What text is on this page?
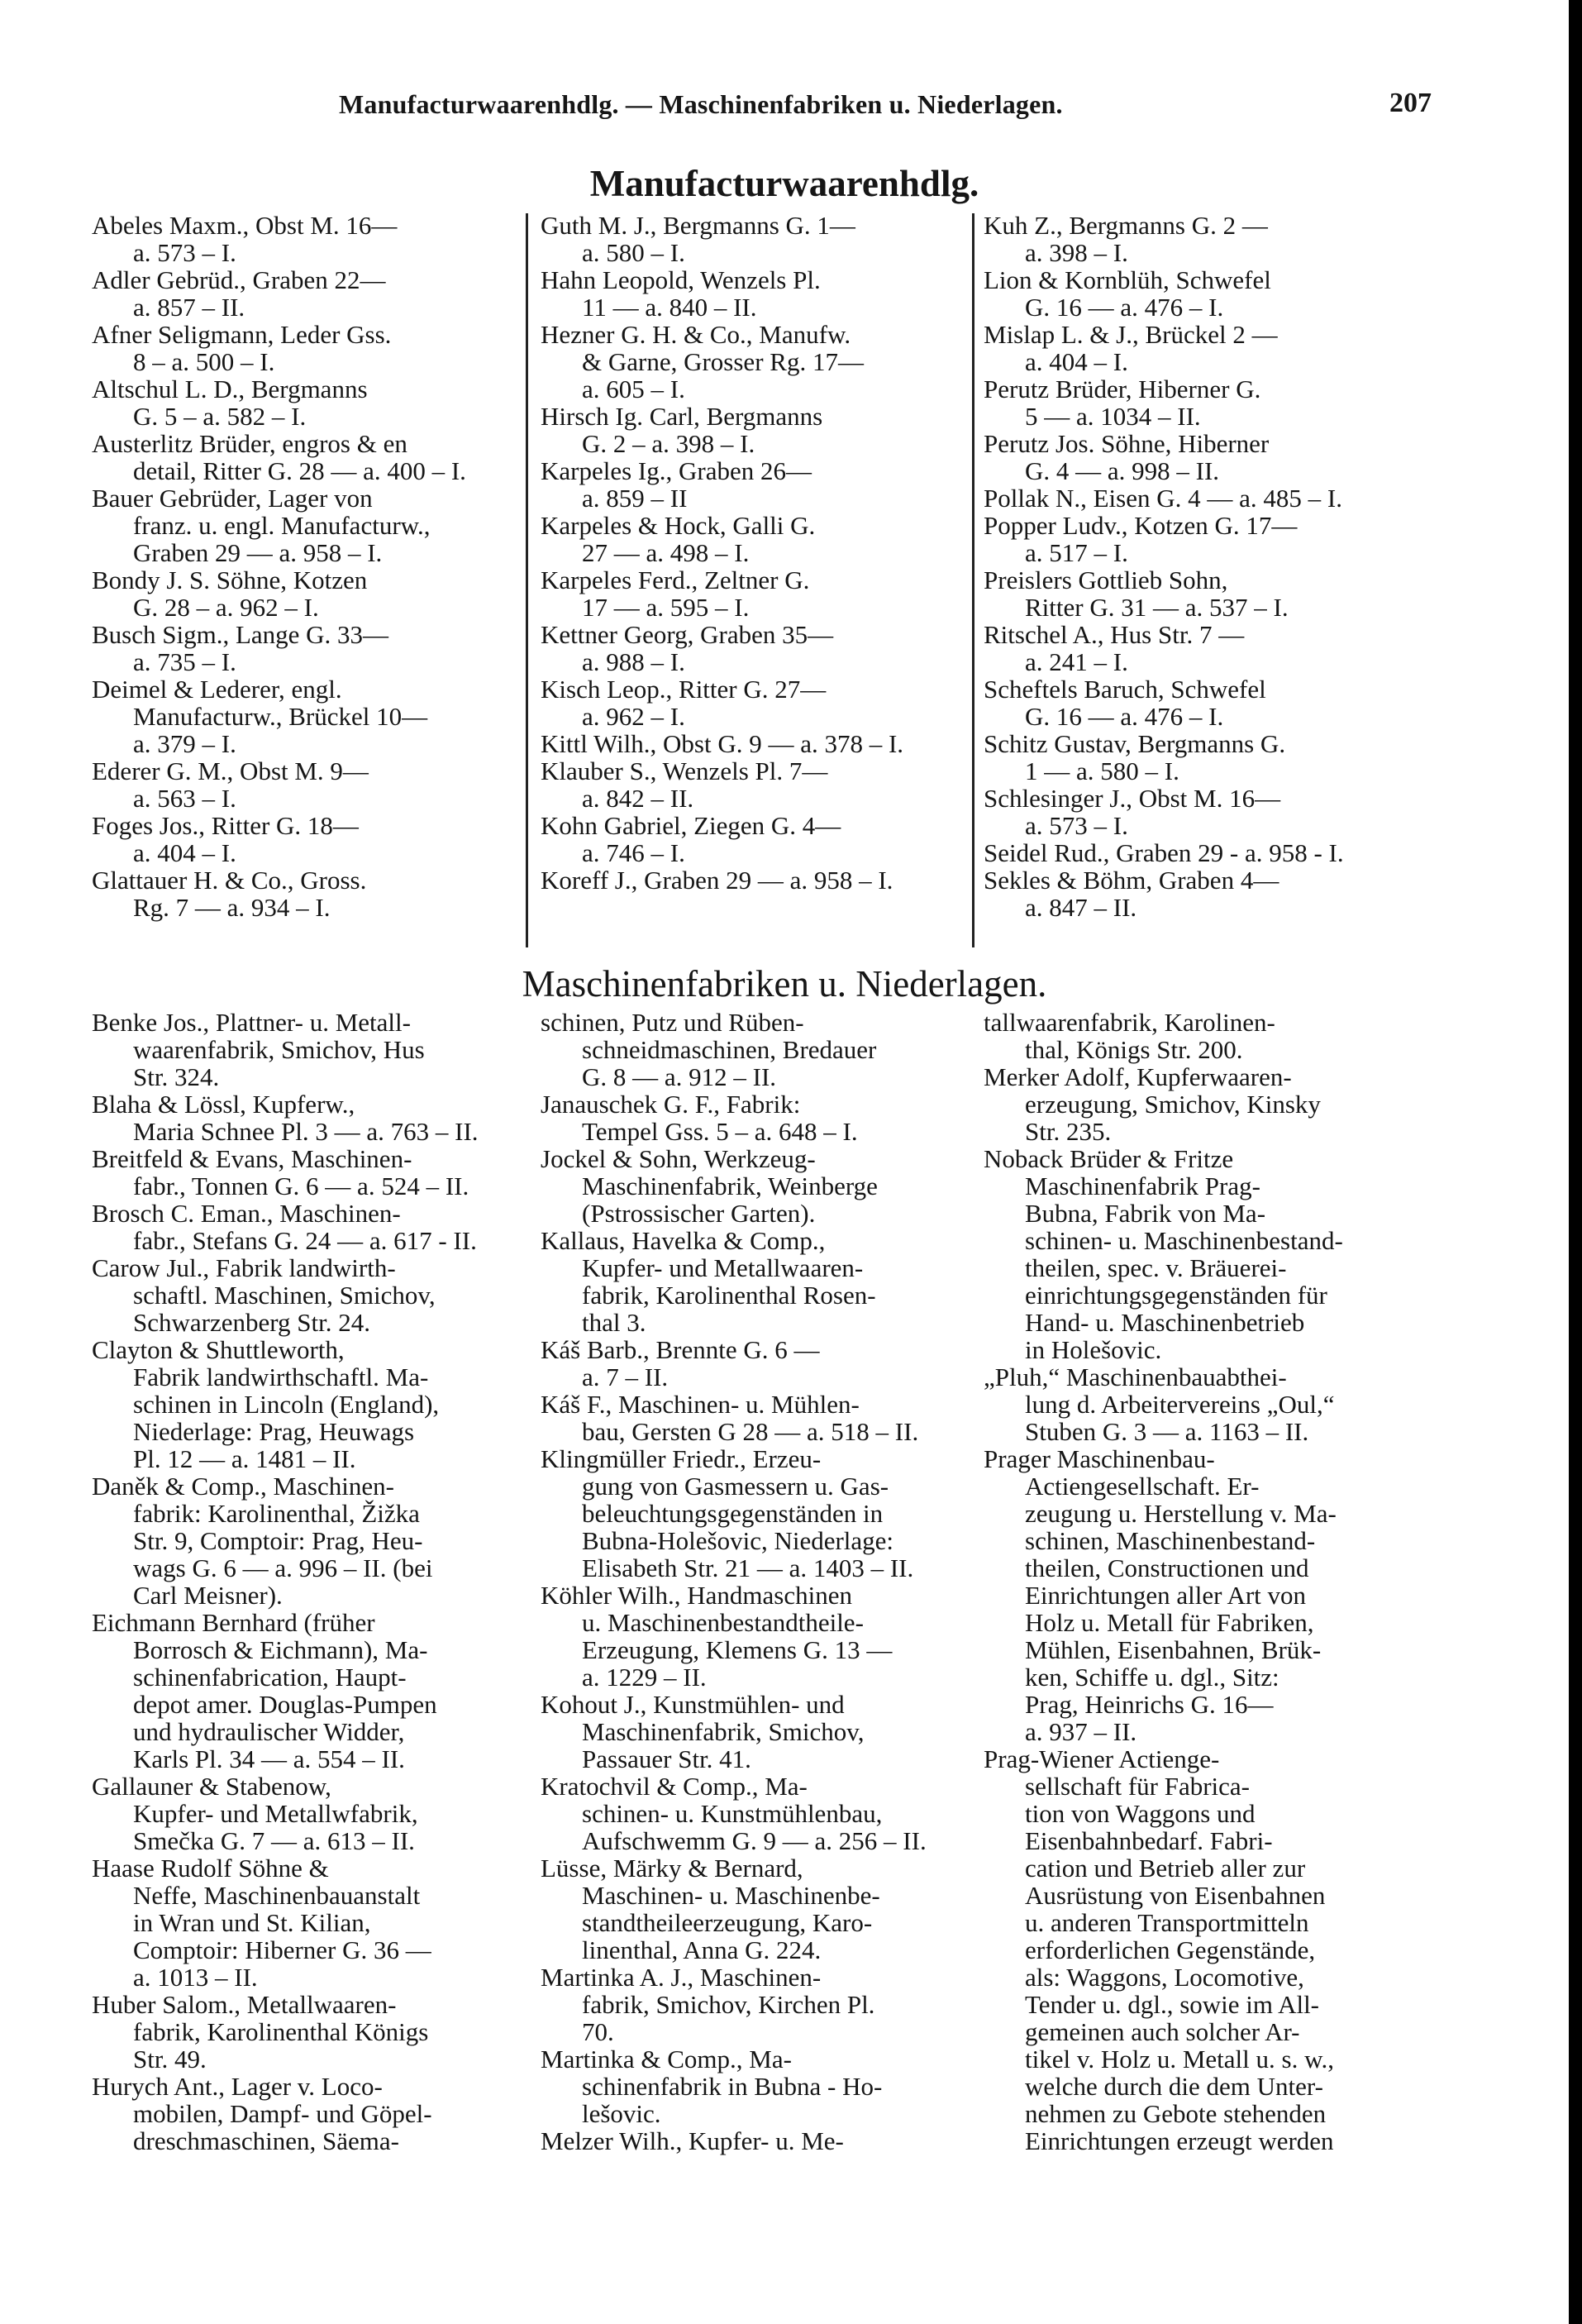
Manufacturwaarenhdlg. — Maschinenfabriken u. Niederlagen.	207
Manufacturwaarenhdlg.
Abeles Maxm., Obst M. 16—
a. 573 – I.
Adler Gebrüd., Graben 22—
a. 857 – II.
Afner Seligmann, Leder Gss.
8 – a. 500 – I.
Altschul L. D., Bergmanns
G. 5 – a. 582 – I.
Austerlitz Brüder, engros & en
detail, Ritter G. 28 — a. 400 – I.
Bauer Gebrüder, Lager von
franz. u. engl. Manufacturw.,
Graben 29 — a. 958 – I.
Bondy J. S. Söhne, Kotzen
G. 28 – a. 962 – I.
Busch Sigm., Lange G. 33—
a. 735 – I.
Deimel & Lederer, engl.
Manufacturw., Brückel 10—
a. 379 – I.
Ederer G. M., Obst M. 9—
a. 563 – I.
Foges Jos., Ritter G. 18—
a. 404 – I.
Glattauer H. & Co., Gross.
Rg. 7 — a. 934 – I.
Guth M. J., Bergmanns G. 1—
a. 580 – I.
Hahn Leopold, Wenzels Pl.
11 — a. 840 – II.
Hezner G. H. & Co., Manufw.
& Garne, Grosser Rg. 17—
a. 605 – I.
Hirsch Ig. Carl, Bergmanns
G. 2 – a. 398 – I.
Karpeles Ig., Graben 26—
a. 859 – II
Karpeles & Hock, Galli G.
27 — a. 498 – I.
Karpeles Ferd., Zeltner G.
17 — a. 595 – I.
Kettner Georg, Graben 35—
a. 988 – I.
Kisch Leop., Ritter G. 27—
a. 962 – I.
Kittl Wilh., Obst G. 9 — a. 378 – I.
Klauber S., Wenzels Pl. 7—
a. 842 – II.
Kohn Gabriel, Ziegen G. 4—
a. 746 – I.
Koreff J., Graben 29 — a. 958 – I.
Kuh Z., Bergmanns G. 2 —
a. 398 – I.
Lion & Kornblüh, Schwefel
G. 16 — a. 476 – I.
Mislap L. & J., Brückel 2 —
a. 404 – I.
Perutz Brüder, Hiberner G.
5 — a. 1034 – II.
Perutz Jos. Söhne, Hiberner
G. 4 — a. 998 – II.
Pollak N., Eisen G. 4 — a. 485 – I.
Popper Ludv., Kotzen G. 17—
a. 517 – I.
Preislers Gottlieb Sohn,
Ritter G. 31 — a. 537 – I.
Ritschel A., Hus Str. 7 —
a. 241 – I.
Scheftels Baruch, Schwefel
G. 16 — a. 476 – I.
Schitz Gustav, Bergmanns G.
1 — a. 580 – I.
Schlesinger J., Obst M. 16—
a. 573 – I.
Seidel Rud., Graben 29 - a. 958 - I.
Sekles & Böhm, Graben 4—
a. 847 – II.
Maschinenfabriken u. Niederlagen.
Benke Jos., Plattner- u. Metall-
waarenfabrik, Smichov, Hus
Str. 324.
Blaha & Lössl, Kupferw.,
Maria Schnee Pl. 3 — a. 763 – II.
Breitfeld & Evans, Maschinen-
fabr., Tonnen G. 6 — a. 524 – II.
Brosch C. Eman., Maschinen-
fabr., Stefans G. 24 — a. 617 - II.
Carow Jul., Fabrik landwirth-
schaftl. Maschinen, Smichov,
Schwarzenberg Str. 24.
Clayton & Shuttleworth,
Fabrik landwirthschaftl. Ma-
schinen in Lincoln (England),
Niederlage: Prag, Heuwags
Pl. 12 — a. 1481 – II.
Daněk & Comp., Maschinen-
fabrik: Karolinenthal, Žižka
Str. 9, Comptoir: Prag, Heu-
wags G. 6 — a. 996 – II. (bei
Carl Meisner).
Eichmann Bernhard (früher
Borrosch & Eichmann), Ma-
schinenfabrication, Haupt-
depot amer. Douglas-Pumpen
und hydraulischer Widder,
Karls Pl. 34 — a. 554 – II.
Gallauner & Stabenow,
Kupfer- und Metallwfabrik,
Smečka G. 7 — a. 613 – II.
Haase Rudolf Söhne &
Neffe, Maschinenbauanstalt
in Wran und St. Kilian,
Comptoir: Hiberner G. 36 —
a. 1013 – II.
Huber Salom., Metallwaaren-
fabrik, Karolinenthal Königs
Str. 49.
Hurych Ant., Lager v. Loco-
mobilen, Dampf- und Göpel-
dreschmaschinen, Säema-
schinen, Putz und Rüben-
schneidmaschinen, Bredauer
G. 8 — a. 912 – II.
Janauschek G. F., Fabrik:
Tempel Gss. 5 – a. 648 – I.
Jockel & Sohn, Werkzeug-
Maschinenfabrik, Weinberge
(Pstrossischer Garten).
Kallaus, Havelka & Comp.,
Kupfer- und Metallwaaren-
fabrik, Karolinenthal Rosen-
thal 3.
Káš Barb., Brennte G. 6 —
a. 7 – II.
Káš F., Maschinen- u. Mühlen-
bau, Gersten G 28 — a. 518 – II.
Klingmüller Friedr., Erzeu-
gung von Gasmessern u. Gas-
beleuchtungsgegenständen in
Bubna-Holešovic, Niederlage:
Elisabeth Str. 21 — a. 1403 – II.
Köhler Wilh., Handmaschinen
u. Maschinenbestandtheile-
Erzeugung, Klemens G. 13 —
a. 1229 – II.
Kohout J., Kunstmühlen- und
Maschinenfabrik, Smichov,
Passauer Str. 41.
Kratochvil & Comp., Ma-
schinen- u. Kunstmühlenbau,
Aufschwemm G. 9 — a. 256 – II.
Lüsse, Märky & Bernard,
Maschinen- u. Maschinenbe-
standtheileerzeugung, Karo-
linenthal, Anna G. 224.
Martinka A. J., Maschinen-
fabrik, Smichov, Kirchen Pl.
70.
Martinka & Comp., Ma-
schinenfabrik in Bubna - Ho-
lešovic.
Melzer Wilh., Kupfer- u. Me-
tallwaarenfabrik, Karolinen-
thal, Königs Str. 200.
Merker Adolf, Kupferwaaren-
erzeugung, Smichov, Kinsky
Str. 235.
Noback Brüder & Fritze
Maschinenfabrik Prag-
Bubna, Fabrik von Ma-
schinen- u. Maschinenbestand-
theilen, spec. v. Bräuerei-
einrichtungsgegenständen für
Hand- u. Maschinenbetrieb
in Holešovic.
„Pluh,“ Maschinenbauabthei-
lung d. Arbeitervereins „Oul,“
Stuben G. 3 — a. 1163 – II.
Prager Maschinenbau-
Actiengesellschaft. Er-
zeugung u. Herstellung v. Ma-
schinen, Maschinenbestand-
theilen, Constructionen und
Einrichtungen aller Art von
Holz u. Metall für Fabriken,
Mühlen, Eisenbahnen, Brük-
ken, Schiffe u. dgl., Sitz:
Prag, Heinrichs G. 16—
a. 937 – II.
Prag-Wiener Actienge-
sellschaft für Fabrica-
tion von Waggons und
Eisenbahnbedarf. Fabri-
cation und Betrieb aller zur
Ausrüstung von Eisenbahnen
u. anderen Transportmitteln
erforderlichen Gegenstände,
als: Waggons, Locomotive,
Tender u. dgl., sowie im All-
gemeinen auch solcher Ar-
tikel v. Holz u. Metall u. s. w.,
welche durch die dem Unter-
nehmen zu Gebote stehenden
Einrichtungen erzeugt werden
